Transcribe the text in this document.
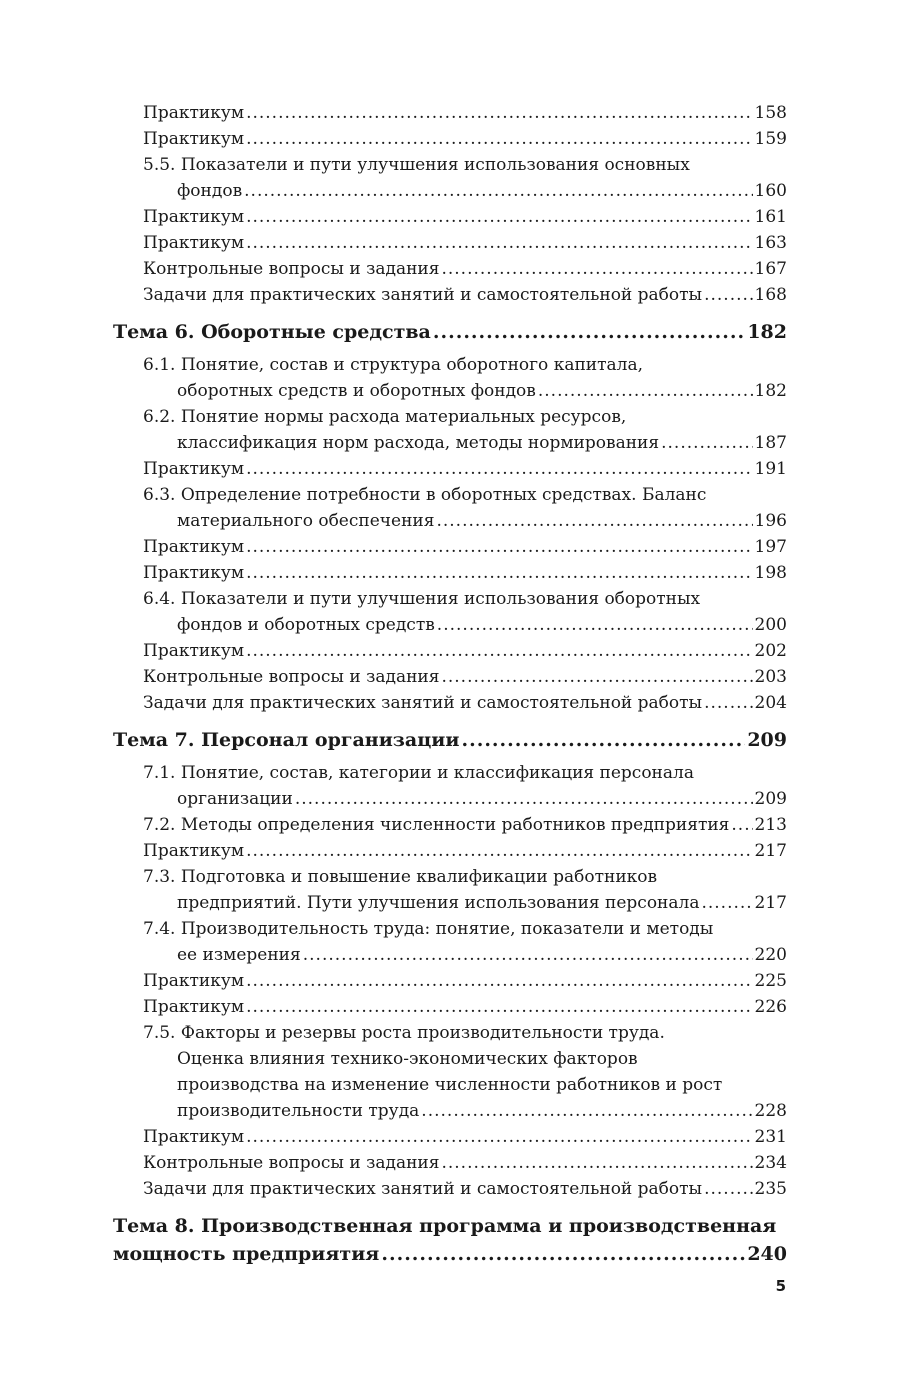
Практикум .....	158
Практикум .....	159
5.5. Показатели и пути улучшения использования основных
фондов .....	160
Практикум .....	161
Практикум .....	163
Контрольные вопросы и задания .....	167
Задачи для практических занятий и самостоятельной работы .....	168
Тема 6. Оборотные средства .....	182
6.1. Понятие, состав и структура оборотного капитала,
оборотных средств и оборотных фондов .....	182
6.2. Понятие нормы расхода материальных ресурсов,
классификация норм расхода, методы нормирования .....	187
Практикум .....	191
6.3. Определение потребности в оборотных средствах. Баланс
материального обеспечения .....	196
Практикум .....	197
Практикум .....	198
6.4. Показатели и пути улучшения использования оборотных
фондов и оборотных средств .....	200
Практикум .....	202
Контрольные вопросы и задания .....	203
Задачи для практических занятий и самостоятельной работы .....	204
Тема 7. Персонал организации .....	209
7.1. Понятие, состав, категории и классификация персонала
организации .....	209
7.2. Методы определения численности работников предприятия ..... 213
Практикум .....	217
7.3. Подготовка и повышение квалификации работников
предприятий. Пути улучшения использования персонала .....	217
7.4. Производительность труда: понятие, показатели и методы
ее измерения .....	220
Практикум .....	225
Практикум .....	226
7.5. Факторы и резервы роста производительности труда.
Оценка влияния технико-экономических факторов
производства на изменение численности работников и рост
производительности труда .....	228
Практикум .....	231
Контрольные вопросы и задания .....	234
Задачи для практических занятий и самостоятельной работы .....	235
Тема 8. Производственная программа и производственная
мощность предприятия .....	240
5
